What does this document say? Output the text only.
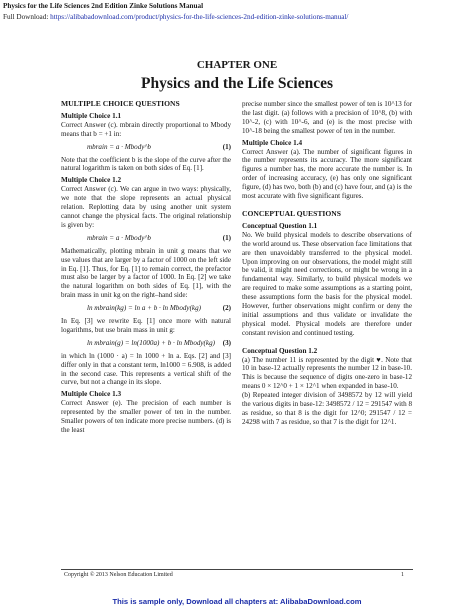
Physics for the Life Sciences 2nd Edition Zinke Solutions Manual
Full Download: https://alibabadownload.com/product/physics-for-the-life-sciences-2nd-edition-zinke-solutions-manual/
CHAPTER ONE
Physics and the Life Sciences
MULTIPLE CHOICE QUESTIONS
Multiple Choice 1.1

Correct Answer (c). mbrain directly proportional to Mbody means that b = +1 in:

mbrain = a · Mbody^b	(1)

Note that the coefficient b is the slope of the curve after the natural logarithm is taken on both sides of Eq. [1].

Multiple Choice 1.2

Correct Answer (c). We can argue in two ways: physically, we note that the slope represents an actual physical relation. Replotting data by using another unit system cannot change the physical facts. The original relationship is given by:

mbrain = a · Mbody^b	(1)

Mathematically, plotting mbrain in unit g means that we use values that are larger by a factor of 1000 on the left side in Eq. [1]. Thus, for Eq. [1] to remain correct, the prefactor must also be larger by a factor of 1000. In Eq. [2] we take the natural logarithm on both sides of Eq. [1], with the brain mass in unit kg on the right–hand side:

ln mbrain(kg) = ln a + b · ln Mbody(kg)	(2)

In Eq. [3] we rewrite Eq. [1] once more with natural logarithms, but use brain mass in unit g:

ln mbrain(g) = ln(1000a) + b · ln Mbody(kg) (3)

in which ln (1000 · a) = ln 1000 + ln a. Eqs. [2] and [3] differ only in that a constant term, ln1000 = 6.908, is added in the second case. This represents a vertical shift of the curve, but not a change in its slope.

Multiple Choice 1.3

Correct Answer (e). The precision of each number is represented by the smaller power of ten in the number. Smaller powers of ten indicate more precise numbers. (d) is the least

precise number since the smallest power of ten is 10^13 for the last digit. (a) follows with a precision of 10^8, (b) with 10^-2, (c) with 10^-6, and (e) is the most precise with 10^-18 being the smallest power of ten in the number.

Multiple Choice 1.4

Correct Answer (a). The number of significant figures in the number represents its accuracy. The more significant figures a number has, the more accurate the number is. In order of increasing accuracy, (e) has only one significant figure, (d) has two, both (b) and (c) have four, and (a) is the most accurate with five significant figures.

CONCEPTUAL QUESTIONS
Conceptual Question 1.1

No. We build physical models to describe observations of the world around us. These observation face limitations that are then unavoidably transferred to the physical model. Upon improving on our observations, the model might still be valid, it might need corrections, or might be wrong in a fundamental way. Similarly, to build physical models we are required to make some assumptions as a starting point, these assumptions form the basis for the physical model. However, further observations might confirm or deny the initial assumptions and thus validate or invalidate the physical model. Physical models are therefore under constant revision and continued testing.

Conceptual Question 1.2

(a) The number 11 is represented by the digit ♥. Note that 10 in base-12 actually represents the number 12 in base-10. This is because the sequence of digits one-zero in base-12 means 0 × 12^0 + 1 × 12^1 when expanded in base-10.

(b) Repeated integer division of 3498572 by 12 will yield the various digits in base-12: 3498572 / 12 = 291547 with 8 as residue, so that 8 is the digit for 12^0; 291547 / 12 = 24298 with 7 as residue, so that 7 is the digit for 12^1.

Copyright © 2013 Nelson Education Limited	1
This is sample only, Download all chapters at: AlibabaDownload.com
